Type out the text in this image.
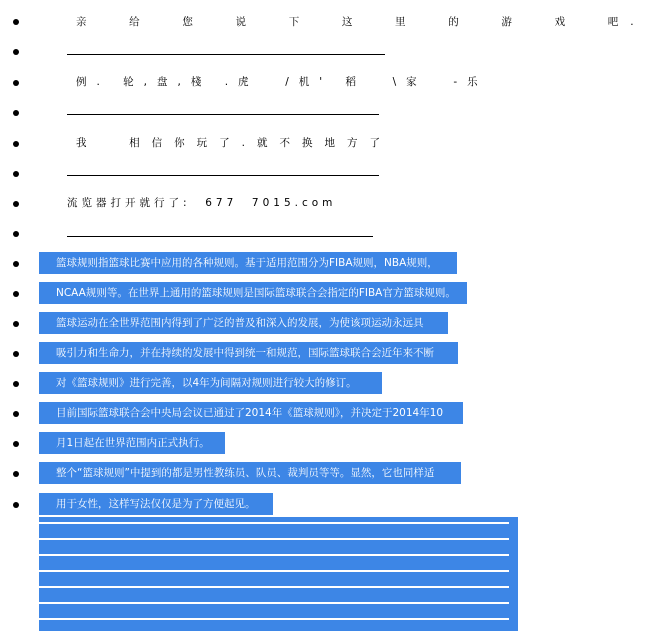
亲  给  您  说  下  这  里  的  游  戏  吧.
例. 轮,盘,棧 .虎  /机' 稻  \家  -乐
我  相信你玩了.就不换地方了
流览器打开就行了:  677  7015.com
篮球规则指篮球比赛中应用的各种规则。基于适用范围分为FIBA规则，NBA规则，
NCAA规则等。在世界上通用的篮球规则是国际篮球联合会指定的FIBA官方篮球规则。
篮球运动在全世界范围内得到了广泛的普及和深入的发展，为使该项运动永远具
吸引力和生命力，并在持续的发展中得到统一和规范，国际篮球联合会近年来不断
对《篮球规则》进行完善，以4年为间隔对规则进行较大的修订。
目前国际篮球联合会中央局会议已通过了2014年《篮球规则》，并决定于2014年10
月1日起在世界范围内正式执行。
整个“篮球规则”中提到的都是男性教练员、队员、裁判员等等。显然，它也同样适
用于女性，这样写法仅仅是为了方便起见。
